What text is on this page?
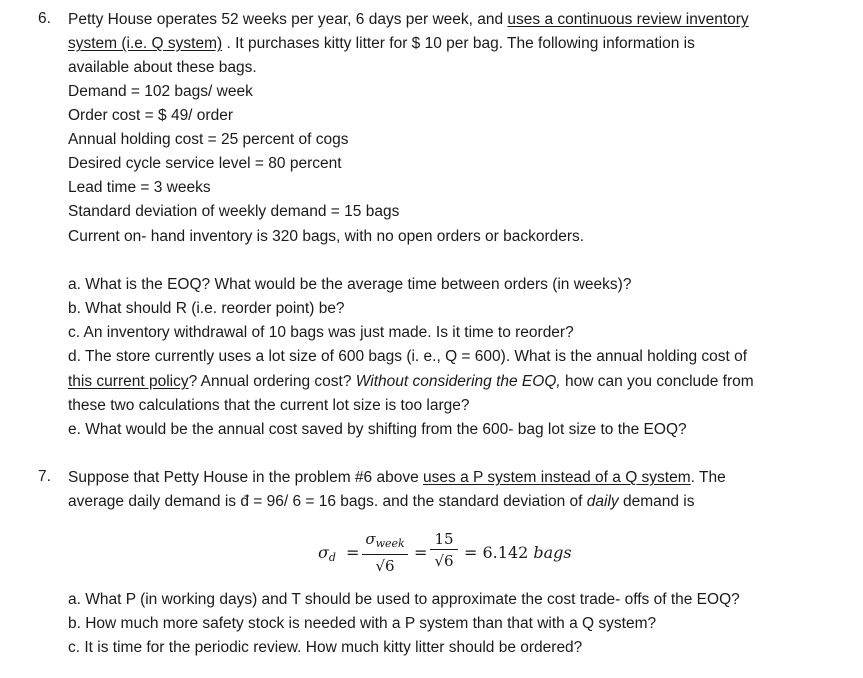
6. Petty House operates 52 weeks per year, 6 days per week, and uses a continuous review inventory
system (i.e. Q system) . It purchases kitty litter for $ 10 per bag. The following information is
available about these bags.
Demand = 102 bags/ week
Order cost = $ 49/ order
Annual holding cost = 25 percent of cogs
Desired cycle service level = 80 percent
Lead time = 3 weeks
Standard deviation of weekly demand = 15 bags
Current on- hand inventory is 320 bags, with no open orders or backorders.
a. What is the EOQ? What would be the average time between orders (in weeks)?
b. What should R (i.e. reorder point) be?
c. An inventory withdrawal of 10 bags was just made. Is it time to reorder?
d. The store currently uses a lot size of 600 bags (i. e., Q = 600). What is the annual holding cost of
this current policy? Annual ordering cost? Without considering the EOQ, how can you conclude from
these two calculations that the current lot size is too large?
e. What would be the annual cost saved by shifting from the 600- bag lot size to the EOQ?
7. Suppose that Petty House in the problem #6 above uses a P system instead of a Q system. The
average daily demand is đ = 96/ 6 = 16 bags. and the standard deviation of daily demand is
σd =
$\sigma_{week}$
√6
=
15
√6 = 6.142 bags
a. What P (in working days) and T should be used to approximate the cost trade- offs of the EOQ?
b. How much more safety stock is needed with a P system than that with a Q system?
c. It is time for the periodic review. How much kitty litter should be ordered?
